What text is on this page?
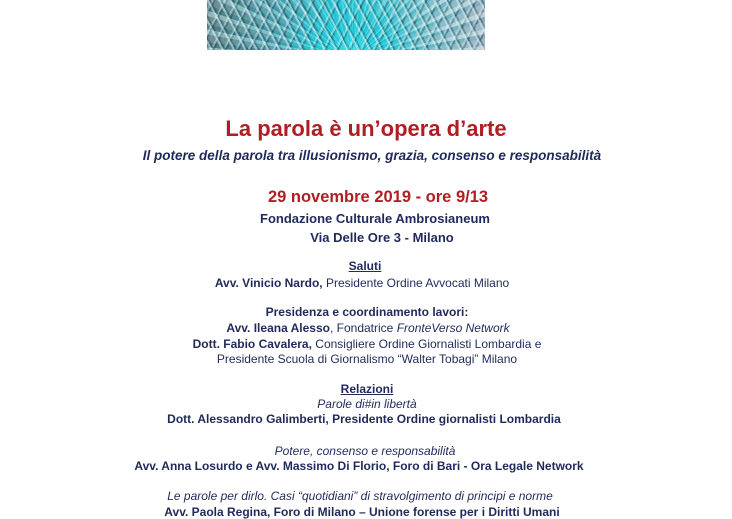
La parola è un’opera d’arte
Il potere della parola tra illusionismo, grazia, consenso e responsabilità
29 novembre 2019 - ore 9/13
Fondazione Culturale Ambrosianeum
Via Delle Ore 3 - Milano
Saluti
Avv. Vinicio Nardo, Presidente Ordine Avvocati Milano
Presidenza e coordinamento lavori:
Avv. Ileana Alesso, Fondatrice FronteVerso Network
Dott. Fabio Cavalera, Consigliere Ordine Giornalisti Lombardia e
Presidente Scuola di Giornalismo “Walter Tobagi” Milano
Relazioni
Parole di#in libertà
Dott. Alessandro Galimberti, Presidente Ordine giornalisti Lombardia
Potere, consenso e responsabilità
Avv. Anna Losurdo e Avv. Massimo Di Florio, Foro di Bari - Ora Legale Network
Le parole per dirlo. Casi “quotidiani” di stravolgimento di principi e norme
Avv. Paola Regina, Foro di Milano – Unione forense per i Diritti Umani
